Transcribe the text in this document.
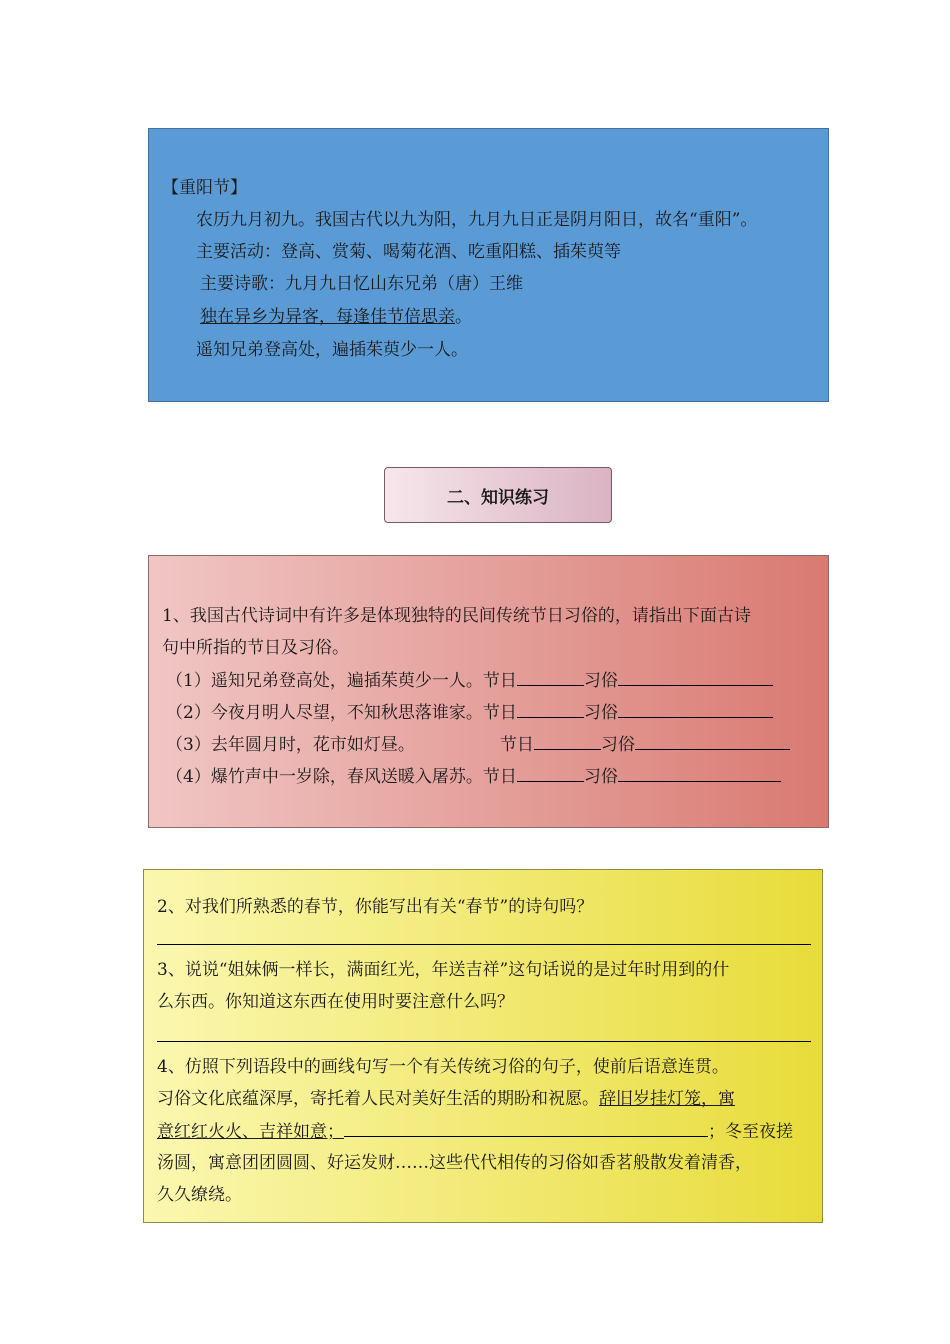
【重阳节】
农历九月初九。我国古代以九为阳，九月九日正是阴月阳日，故名“重阳”。
主要活动：登高、赏菊、喝菊花酒、吃重阳糕、插茱萸等
主要诗歌：九月九日忆山东兄弟（唐）王维
独在异乡为异客，每逢佳节倍思亲。
遥知兄弟登高处，遍插茱萸少一人。
二、知识练习
1、我国古代诗词中有许多是体现独特的民间传统节日习俗的，请指出下面古诗
句中所指的节日及习俗。
（1）遥知兄弟登高处，遍插茱萸少一人。节日	习俗
（2）今夜月明人尽望，不知秋思落谁家。节日	习俗
（3）去年圆月时，花市如灯昼。	节日	习俗
（4）爆竹声中一岁除，春风送暖入屠苏。节日	习俗
2、对我们所熟悉的春节，你能写出有关“春节”的诗句吗？
3、说说“姐妹俩一样长，满面红光，年送吉祥”这句话说的是过年时用到的什
么东西。你知道这东西在使用时要注意什么吗？
4、仿照下列语段中的画线句写一个有关传统习俗的句子，使前后语意连贯。
习俗文化底蕴深厚，寄托着人民对美好生活的期盼和祝愿。辞旧岁挂灯笼，寓
意红红火火、吉祥如意；	；冬至夜搓
汤圆，寓意团团圆圆、好运发财……这些代代相传的习俗如香茗般散发着清香，
久久缭绕。
